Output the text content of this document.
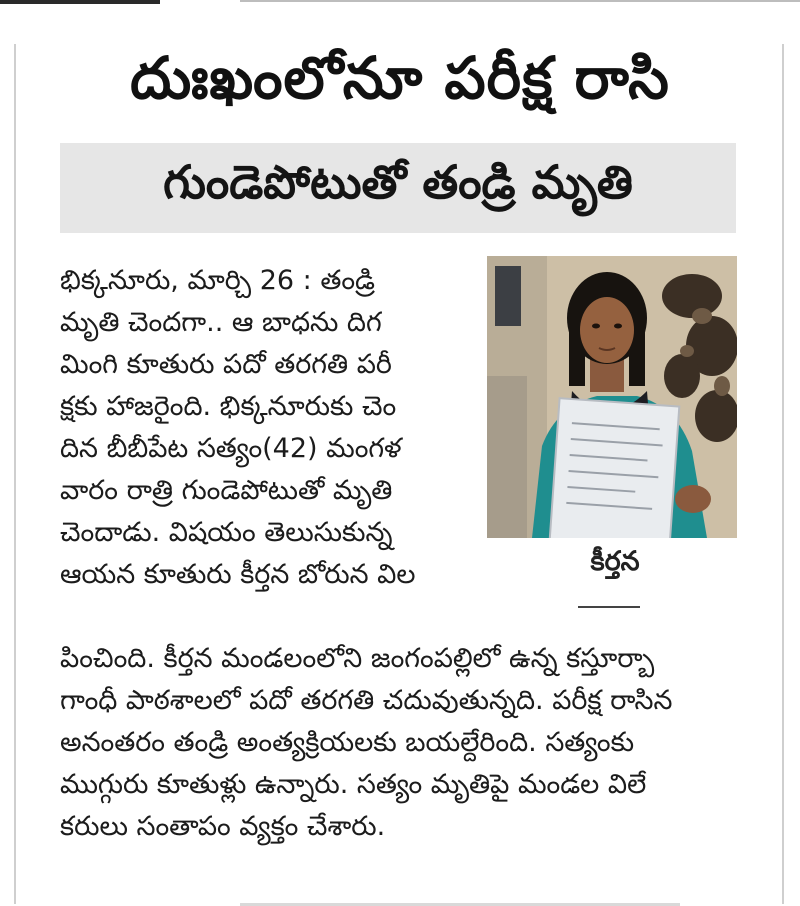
దుఃఖంలోనూ పరీక్ష రాసి
గుండెపోటుతో తండ్రి మృతి
భిక్కనూరు, మార్చి 26 : తండ్రి
మృతి చెందగా.. ఆ బాధను దిగ
మింగి కూతురు పదో తరగతి పరీ
క్షకు హాజరైంది. భిక్కనూరుకు చెం
దిన బీబీపేట సత్యం(42) మంగళ
వారం రాత్రి గుండెపోటుతో మృతి
చెందాడు. విషయం తెలుసుకున్న
ఆయన కూతురు కీర్తన బోరున విల	కీర్తన
పించింది. కీర్తన మండలంలోని జంగంపల్లిలో ఉన్న కస్తూర్బా
గాంధీ పాఠశాలలో పదో తరగతి చదువుతున్నది. పరీక్ష రాసిన
అనంతరం తండ్రి అంత్యక్రియలకు బయల్దేరింది. సత్యంకు
ముగ్గురు కూతుళ్లు ఉన్నారు. సత్యం మృతిపై మండల విలే
కరులు సంతాపం వ్యక్తం చేశారు.
